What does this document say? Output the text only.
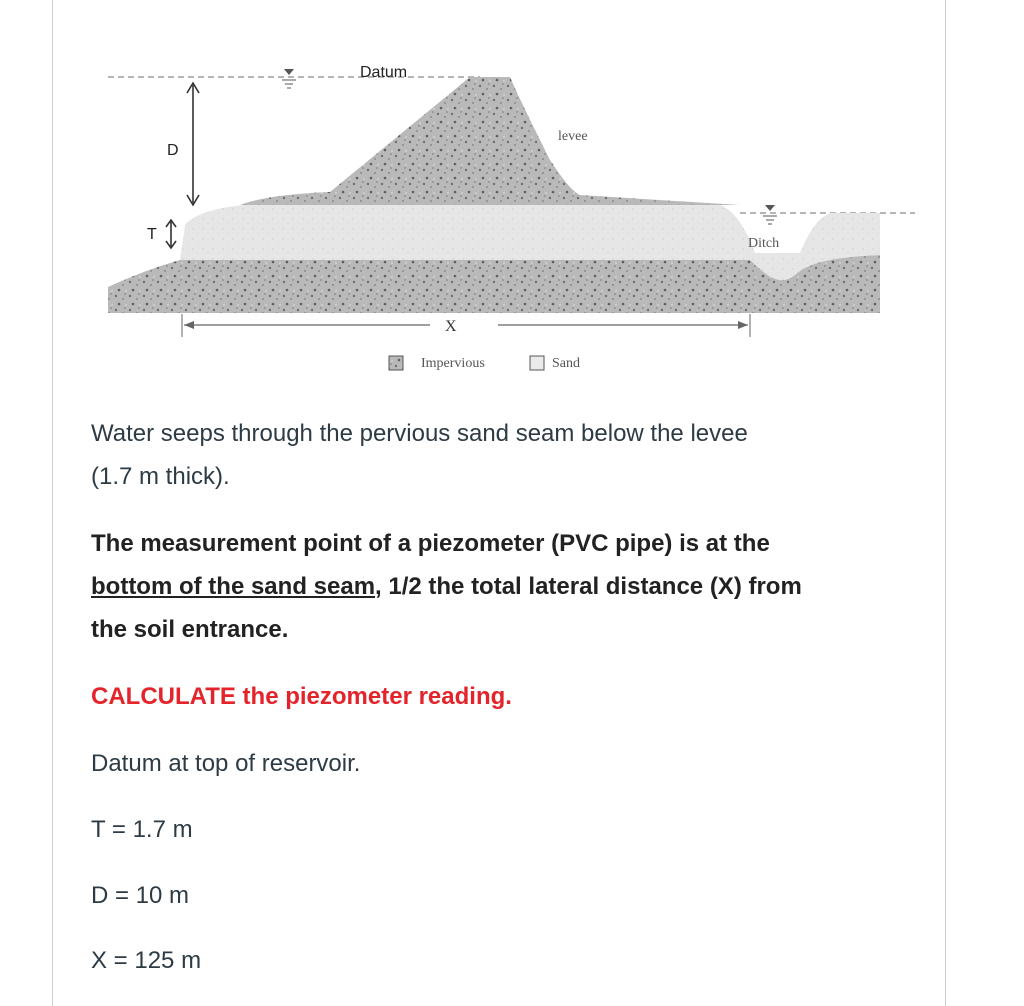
Datum
levee
D
T
Ditch
X
Impervious	Sand

Water seeps through the pervious sand seam below the levee
(1.7 m thick).

The measurement point of a piezometer (PVC pipe) is at the
bottom of the sand seam, 1/2 the total lateral distance (X) from
the soil entrance.

CALCULATE the piezometer reading.

Datum at top of reservoir.

T = 1.7 m

D = 10 m

X = 125 m
